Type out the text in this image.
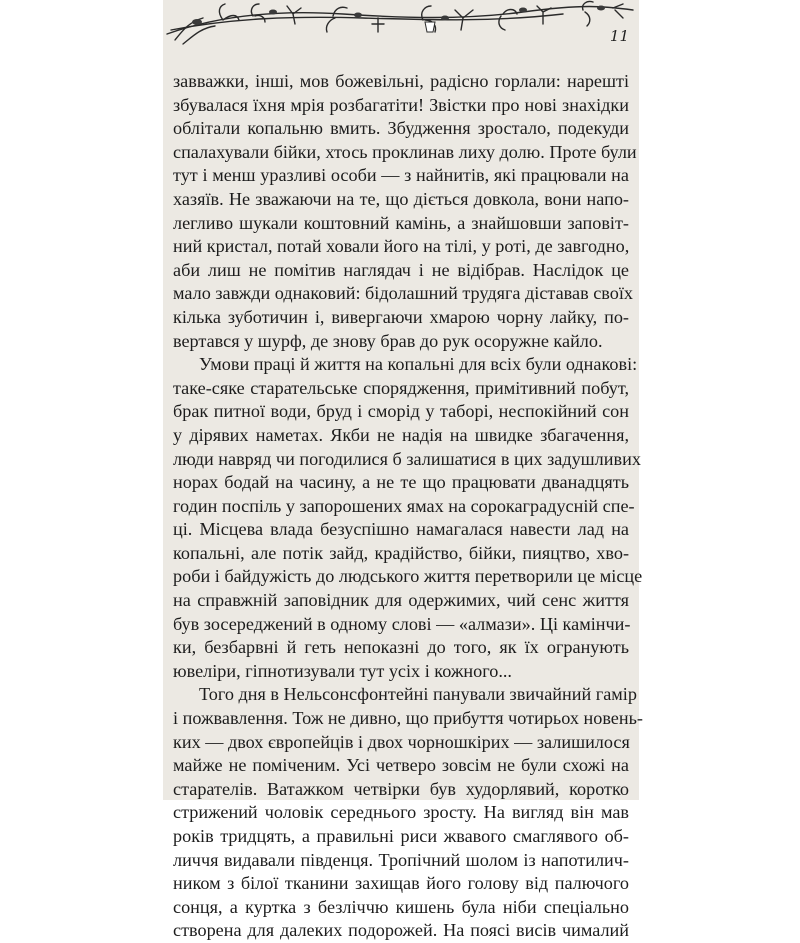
11
завважки, інші, мов божевільні, радісно горлали: нарешті
збувалася їхня мрія розбагатіти! Звістки про нові знахідки
облітали копальню вмить. Збудження зростало, подекуди
спалахували бійки, хтось проклинав лиху долю. Проте були
тут і менш уразливі особи — з найнитів, які працювали на
хазяїв. Не зважаючи на те, що діється довкола, вони напо-
легливо шукали коштовний камінь, а знайшовши заповіт-
ний кристал, потай ховали його на тілі, у роті, де завгодно,
аби лиш не помітив наглядач і не відібрав. Наслідок це
мало завжди однаковий: бідолашний трудяга діставав своїх
кілька зуботичин і, вивергаючи хмарою чорну лайку, по-
вертався у шурф, де знову брав до рук осоружне кайло.
Умови праці й життя на копальні для всіх були однакові:
таке-сяке старательське спорядження, примітивний побут,
брак питної води, бруд і сморід у таборі, неспокійний сон
у дірявих наметах. Якби не надія на швидке збагачення,
люди навряд чи погодилися б залишатися в цих задушливих
норах бодай на часину, а не те що працювати дванадцять
годин поспіль у запорошених ямах на сорокаградусній спе-
ці. Місцева влада безуспішно намагалася навести лад на
копальні, але потік зайд, крадійство, бійки, пияцтво, хво-
роби і байдужість до людського життя перетворили це місце
на справжній заповідник для одержимих, чий сенс життя
був зосереджений в одному слові — «алмази». Ці камінчи-
ки, безбарвні й геть непоказні до того, як їх огранують
ювеліри, гіпнотизували тут усіх і кожного...
Того дня в Нельсонсфонтейні панували звичайний гамір
і пожвавлення. Тож не дивно, що прибуття чотирьох новень-
ких — двох європейців і двох чорношкірих — залишилося
майже не поміченим. Усі четверо зовсім не були схожі на
старателів. Ватажком четвірки був худорлявий, коротко
стрижений чоловік середнього зросту. На вигляд він мав
років тридцять, а правильні риси жвавого смаглявого об-
личчя видавали південця. Тропічний шолом із напотилич-
ником з білої тканини захищав його голову від палючого
сонця, а куртка з безліччю кишень була ніби спеціально
створена для далеких подорожей. На поясі висів чималий
